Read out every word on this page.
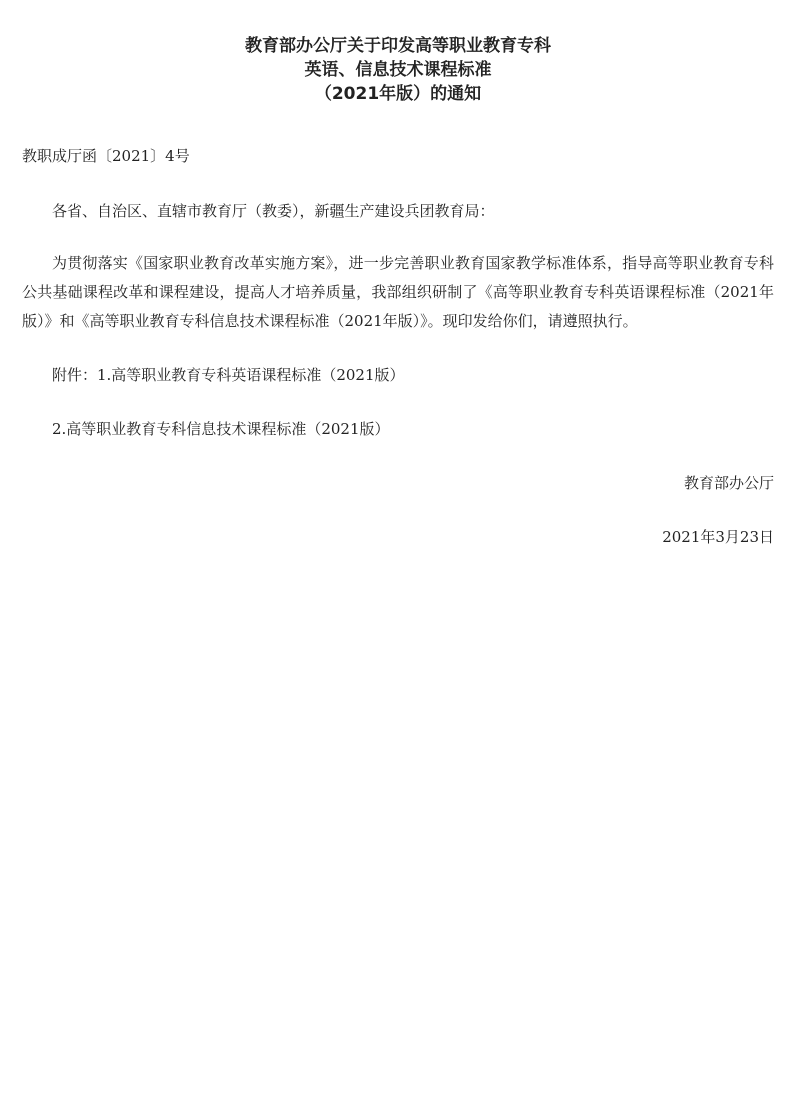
教育部办公厅关于印发高等职业教育专科
英语、信息技术课程标准
（2021年版）的通知
教职成厅函〔2021〕4号

各省、自治区、直辖市教育厅（教委），新疆生产建设兵团教育局：

为贯彻落实《国家职业教育改革实施方案》，进一步完善职业教育国家教学标准体系，指导高等职业教育专科公共基础课程改革和课程建设，提高人才培养质量，我部组织研制了《高等职业教育专科英语课程标准（2021年版）》和《高等职业教育专科信息技术课程标准（2021年版）》。现印发给你们，请遵照执行。

附件：1.高等职业教育专科英语课程标准（2021版）

2.高等职业教育专科信息技术课程标准（2021版）

教育部办公厅
2021年3月23日
